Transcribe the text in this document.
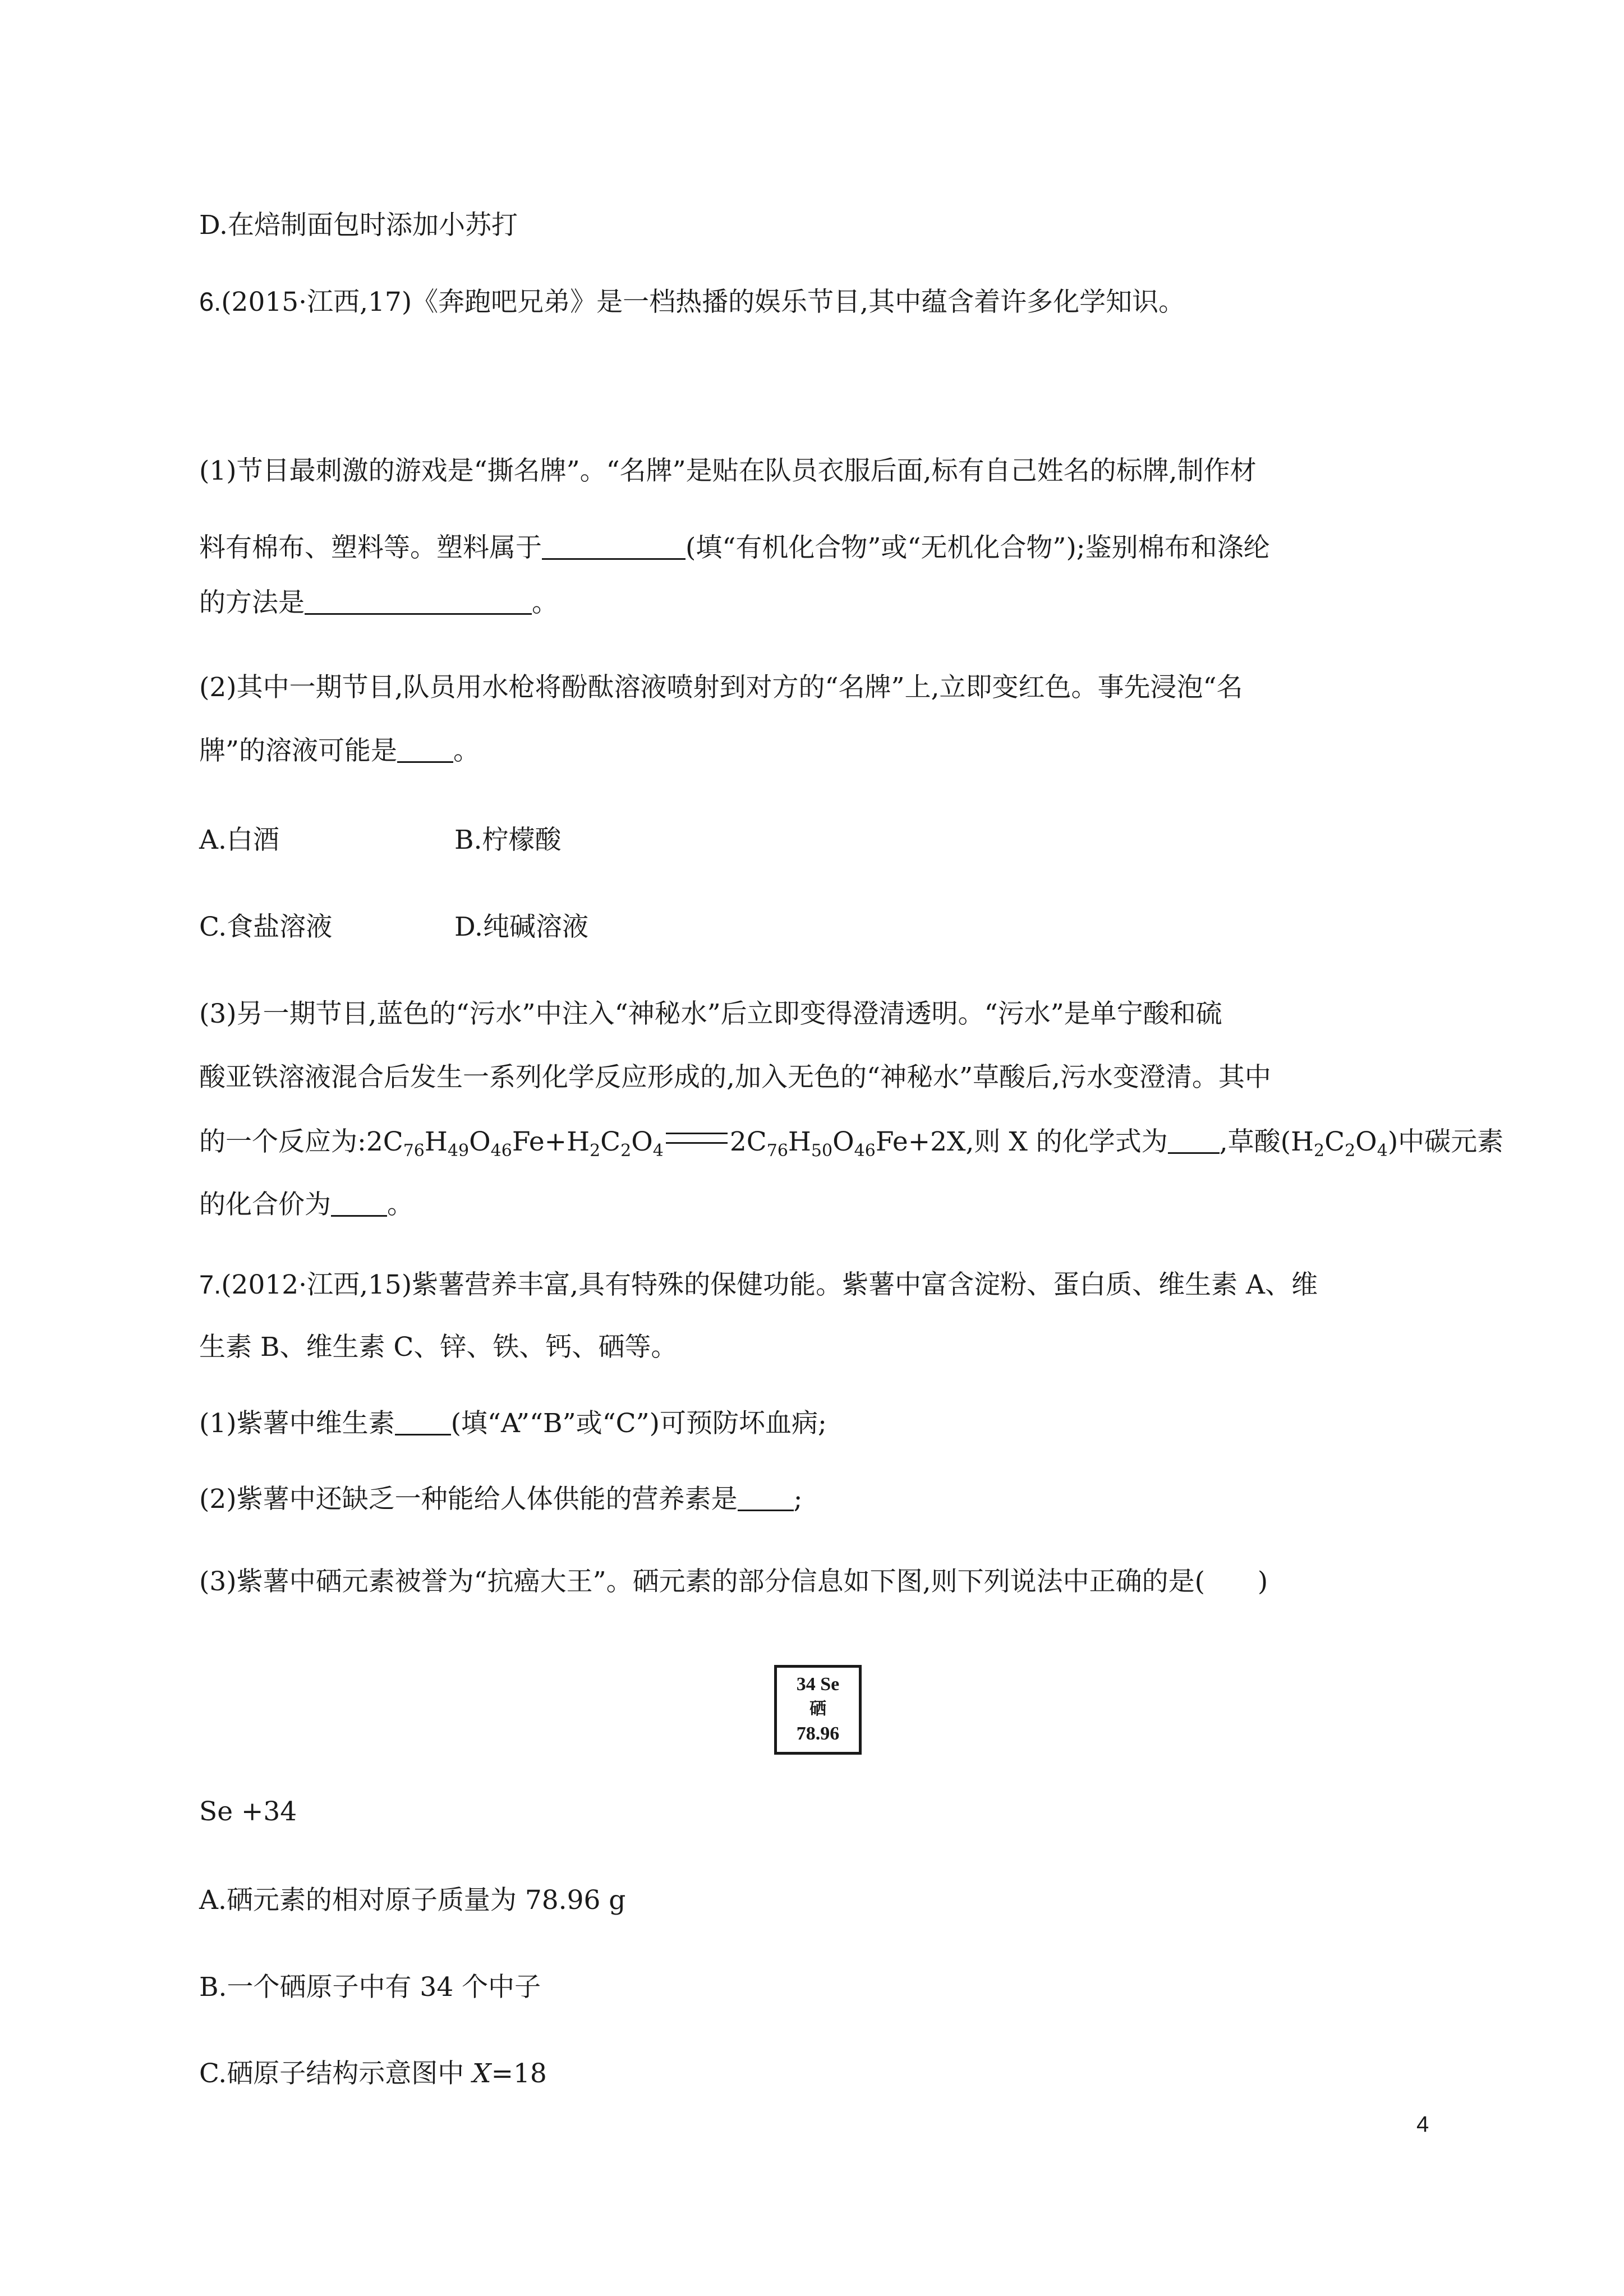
D.在焙制面包时添加小苏打
6.(2015·江西,17)《奔跑吧兄弟》是一档热播的娱乐节目,其中蕴含着许多化学知识。
(1)节目最刺激的游戏是“撕名牌”。“名牌”是贴在队员衣服后面,标有自己姓名的标牌,制作材
料有棉布、塑料等。塑料属于	(填“有机化合物”或“无机化合物”);鉴别棉布和涤纶
的方法是	。
(2)其中一期节目,队员用水枪将酚酞溶液喷射到对方的“名牌”上,立即变红色。事先浸泡“名
牌”的溶液可能是 。
A.白酒	B.柠檬酸
C.食盐溶液	D.纯碱溶液
(3)另一期节目,蓝色的“污水”中注入“神秘水”后立即变得澄清透明。“污水”是单宁酸和硫
酸亚铁溶液混合后发生一系列化学反应形成的,加入无色的“神秘水”草酸后,污水变澄清。其中
的一个反应为$:2C_{76}H_{49}O_{46}Fe+H_2C_2O_4$	$2C_{76}H_{50}O_{46}Fe+2X$,则 X 的化学式为 ,草酸$(H_2C_2O_4)$中碳元素
的化合价为 。
7.(2012·江西,15)紫薯营养丰富,具有特殊的保健功能。紫薯中富含淀粉、蛋白质、维生素 A、维
生素 B、维生素 C、锌、铁、钙、硒等。
(1)紫薯中维生素 (填“A”“B”或“C”)可预防坏血病;
(2)紫薯中还缺乏一种能给人体供能的营养素是 ;
(3)紫薯中硒元素被誉为“抗癌大王”。硒元素的部分信息如下图,则下列说法中正确的是(　　)
34 Se
硒
78.96
Se +34
A.硒元素的相对原子质量为 78.96 g
B.一个硒原子中有 34 个中子
C.硒原子结构示意图中 X=18
4
